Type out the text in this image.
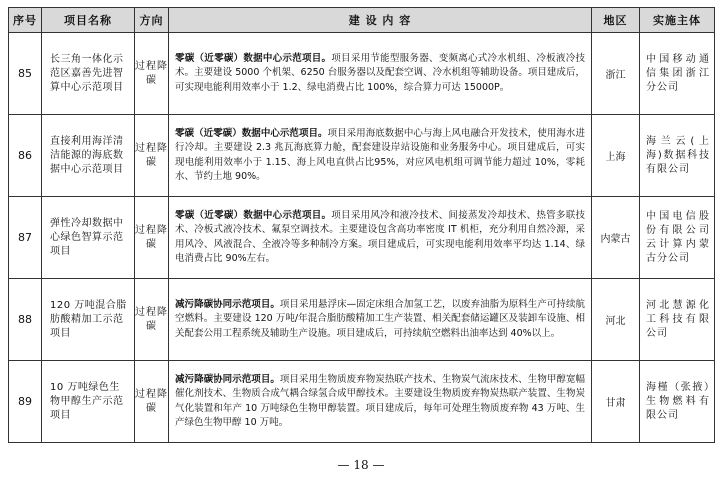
序号	项目名称	方向	建 设 内 容	地区	实施主体
85	长三角一体化示范区嘉善先进智算中心示范项目	过程降碳	零碳（近零碳）数据中心示范项目。项目采用节能型服务器、变频离心式冷水机组、冷板液冷技术。主要建设 5000 个机架、6250 台服务器以及配套空调、冷水机组等辅助设备。项目建成后，可实现电能利用效率小于 1.2、绿电消费占比 100%，综合算力可达 15000P。	浙江	中国移动通信集团浙江分公司
86	直接利用海洋清洁能源的海底数据中心示范项目	过程降碳	零碳（近零碳）数据中心示范项目。项目采用海底数据中心与海上风电融合开发技术，使用海水进行冷却。主要建设 2.3 兆瓦海底算力舱，配套建设岸站设施和业务服务中心。项目建成后，可实现电能利用效率小于 1.15、海上风电直供占比95%，对应风电机组可调节能力超过 10%，零耗水、节约土地 90%。	上海	海兰云(上海)数据科技有限公司
87	弹性冷却数据中心绿色智算示范项目	过程降碳	零碳（近零碳）数据中心示范项目。项目采用风冷和液冷技术、间接蒸发冷却技术、热管多联技术、冷板式液冷技术、氟泵空调技术。主要建设包含高功率密度 IT 机柜，充分利用自然冷源，采用风冷、风液混合、全液冷等多种制冷方案。项目建成后，可实现电能利用效率平均达 1.14、绿电消费占比 90%左右。	内蒙古	中国电信股份有限公司云计算内蒙古分公司
88	120 万吨混合脂肪酸精加工示范项目	过程降碳	减污降碳协同示范项目。项目采用悬浮床—固定床组合加氢工艺，以废弃油脂为原料生产可持续航空燃料。主要建设 120 万吨/年混合脂肪酸精加工生产装置、相关配套储运罐区及装卸车设施、相关配套公用工程系统及辅助生产设施。项目建成后，可持续航空燃料出油率达到 40%以上。	河北	河北慧源化工科技有限公司
89	10 万吨绿色生物甲醇生产示范项目	过程降碳	减污降碳协同示范项目。项目采用生物质废弃物炭热联产技术、生物炭气流床技术、生物甲醇宽幅催化剂技术、生物质合成气耦合绿氢合成甲醇技术。主要建设生物质废弃物炭热联产装置、生物炭气化装置和年产 10 万吨绿色生物甲醇装置。项目建成后，每年可处理生物质废弃物 43 万吨、生产绿色生物甲醇 10 万吨。	甘肃	海槿（张掖）生物燃料有限公司
— 18 —
